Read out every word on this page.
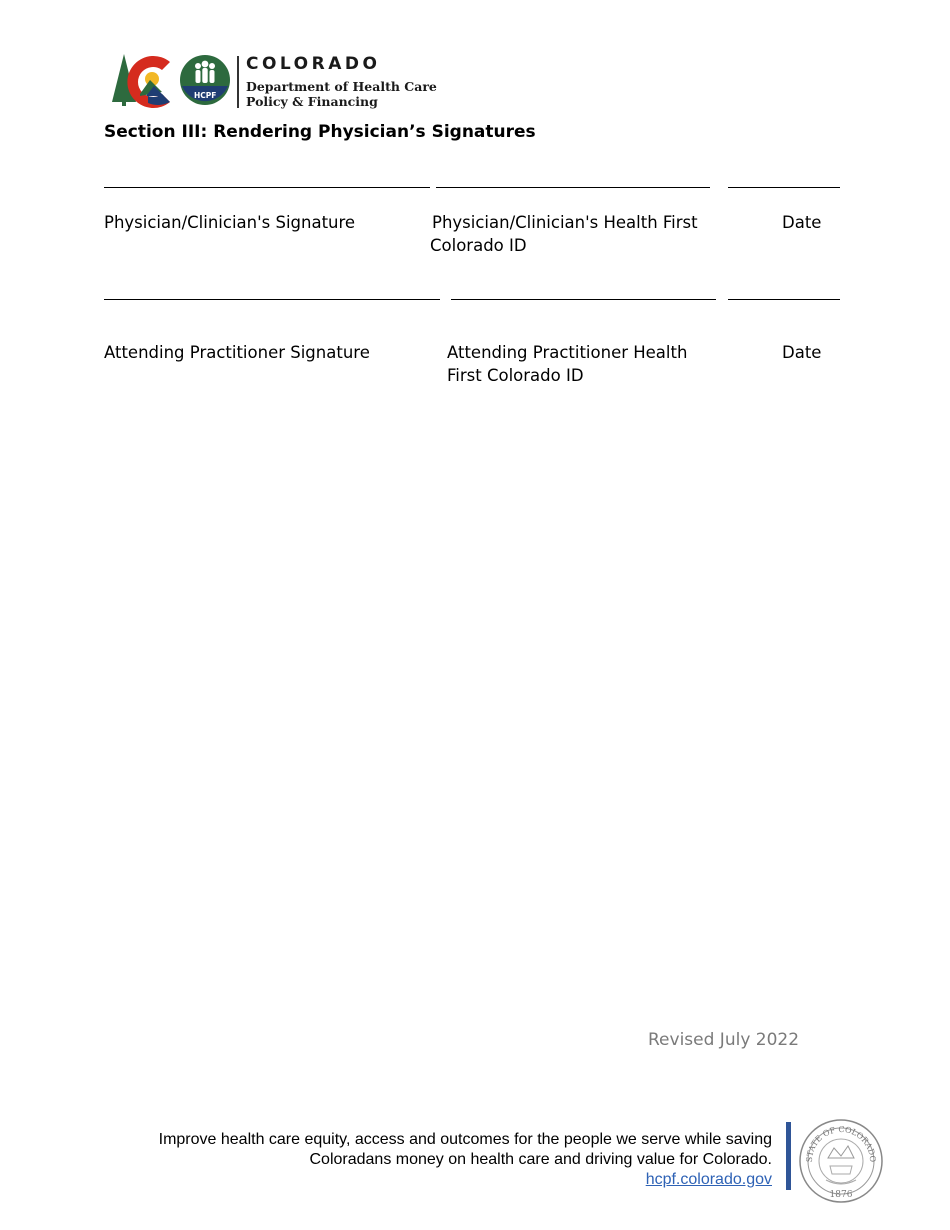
HCPF
COLORADO
Department of Health Care
Policy & Financing
Section III: Rendering Physician’s Signatures
Physician/Clinician's Signature	Physician/Clinician's Health First
Colorado ID
Date
Attending Practitioner Signature	Attending Practitioner Health
First Colorado ID
Date
Revised July 2022
Improve health care equity, access and outcomes for the people we serve while saving
Coloradans money on health care and driving value for Colorado.
hcpf.colorado.gov
1876
STATE OF COLORADO
